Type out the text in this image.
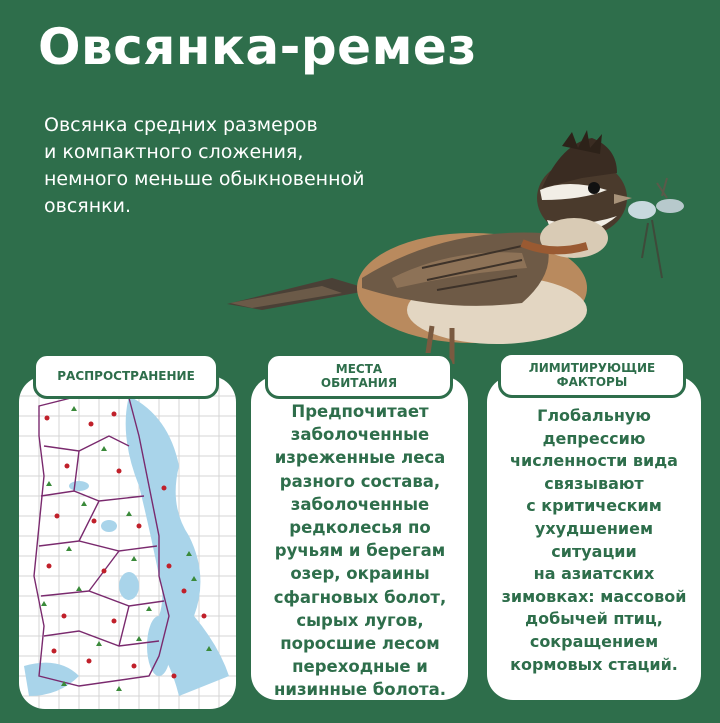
Овсянка-ремез
Овсянка средних размеров
и компактного сложения,
немного меньше обыкновенной
овсянки.
РАСПРОСТРАНЕНИЕ	МЕСТА
ОБИТАНИЯ
ЛИМИТИРУЮЩИЕ
ФАКТОРЫ
Предпочитает
заболоченные
изреженные леса
разного состава,
заболоченные
редколесья по
ручьям и берегам
озер, окраины
сфагновых болот,
сырых лугов,
поросшие лесом
переходные и
низинные болота.
Глобальную
депрессию
численности вида
связывают
с критическим
ухудшением
ситуации
на азиатских
зимовках: массовой
добычей птиц,
сокращением
кормовых стаций.
